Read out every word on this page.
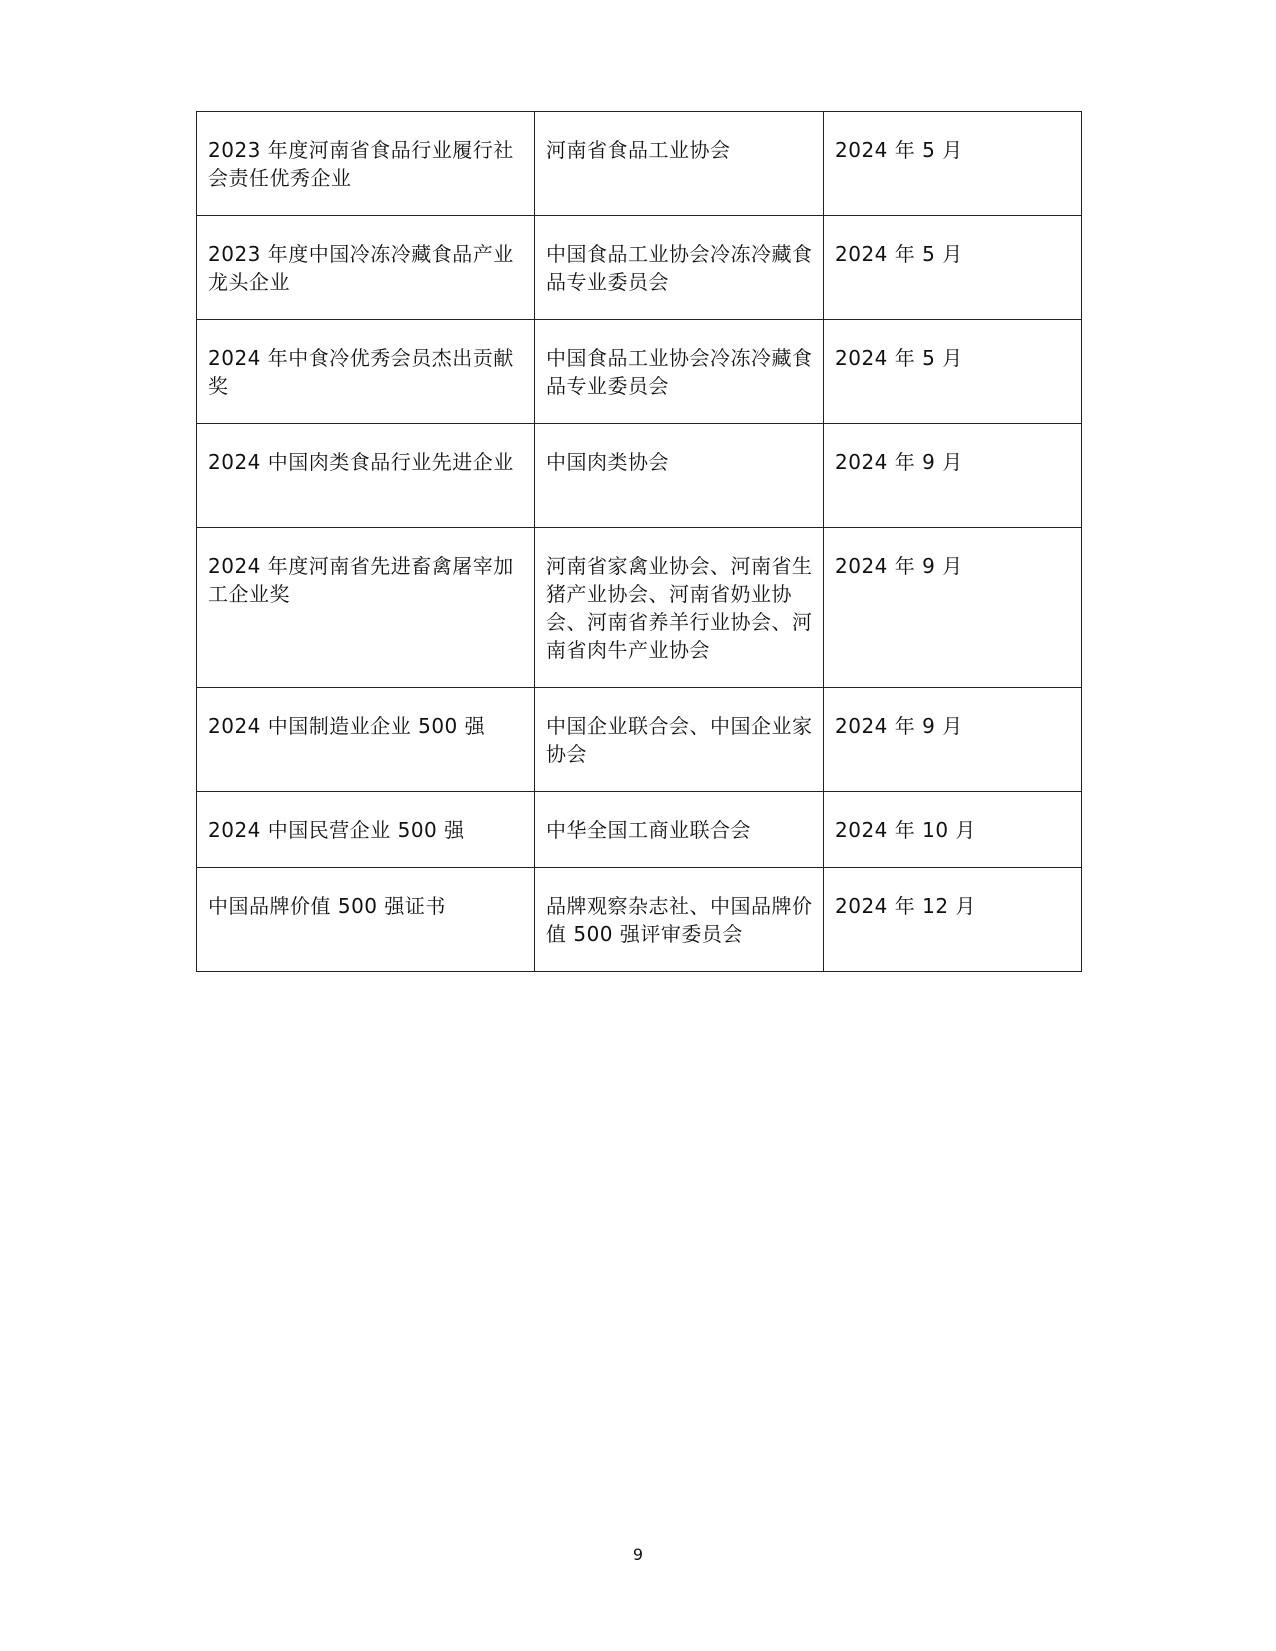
2023 年度河南省食品行业履行社会责任优秀企业	河南省食品工业协会	2024 年 5 月
2023 年度中国冷冻冷藏食品产业龙头企业	中国食品工业协会冷冻冷藏食品专业委员会	2024 年 5 月
2024 年中食冷优秀会员杰出贡献奖	中国食品工业协会冷冻冷藏食品专业委员会	2024 年 5 月
2024 中国肉类食品行业先进企业	中国肉类协会	2024 年 9 月
2024 年度河南省先进畜禽屠宰加工企业奖	河南省家禽业协会、河南省生猪产业协会、河南省奶业协会、河南省养羊行业协会、河南省肉牛产业协会	2024 年 9 月
2024 中国制造业企业 500 强	中国企业联合会、中国企业家协会	2024 年 9 月
2024 中国民营企业 500 强	中华全国工商业联合会	2024 年 10 月
中国品牌价值 500 强证书	品牌观察杂志社、中国品牌价值 500 强评审委员会	2024 年 12 月
9
